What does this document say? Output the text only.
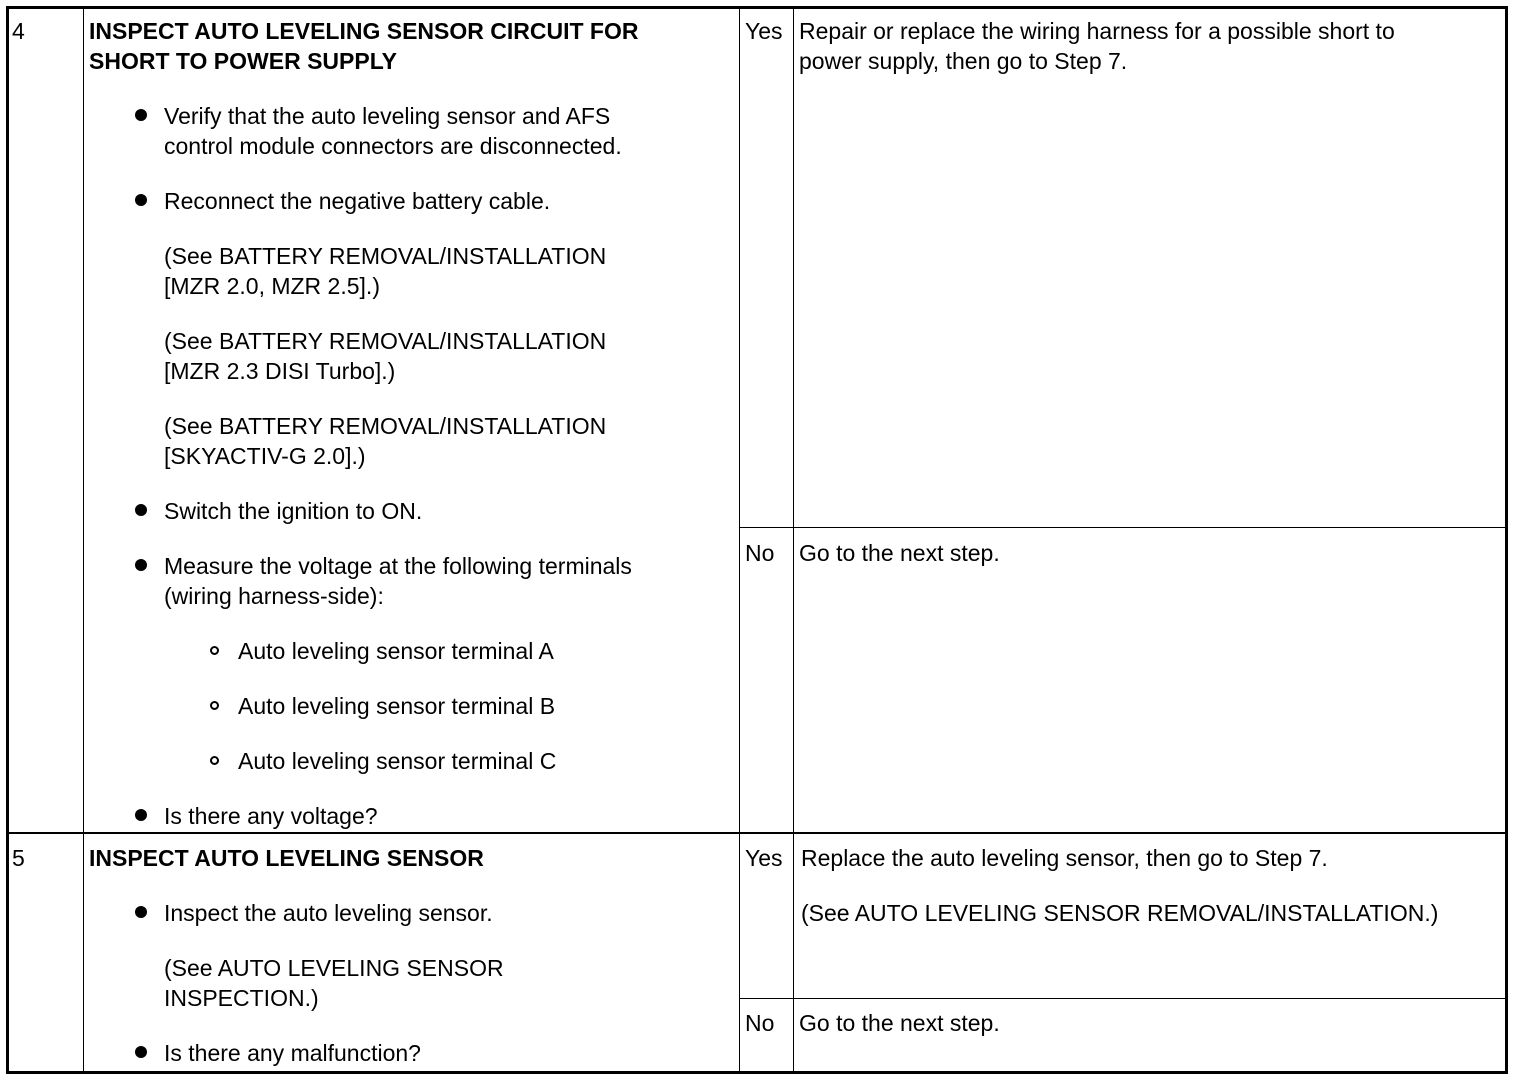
4	INSPECT AUTO LEVELING SENSOR CIRCUIT FOR
SHORT TO POWER SUPPLY
Verify that the auto leveling sensor and AFS
control module connectors are disconnected.
Reconnect the negative battery cable.
(See BATTERY REMOVAL/INSTALLATION
[MZR 2.0, MZR 2.5].)
(See BATTERY REMOVAL/INSTALLATION
[MZR 2.3 DISI Turbo].)
(See BATTERY REMOVAL/INSTALLATION
[SKYACTIV-G 2.0].)
Switch the ignition to ON.
Measure the voltage at the following terminals
(wiring harness-side):
Auto leveling sensor terminal A
Auto leveling sensor terminal B
Auto leveling sensor terminal C
Is there any voltage?
Yes Repair or replace the wiring harness for a possible short to
power supply, then go to Step 7.
No Go to the next step.
5	INSPECT AUTO LEVELING SENSOR
Inspect the auto leveling sensor.
(See AUTO LEVELING SENSOR
INSPECTION.)
Is there any malfunction?
Yes Replace the auto leveling sensor, then go to Step 7.
(See AUTO LEVELING SENSOR REMOVAL/INSTALLATION.)
No Go to the next step.
